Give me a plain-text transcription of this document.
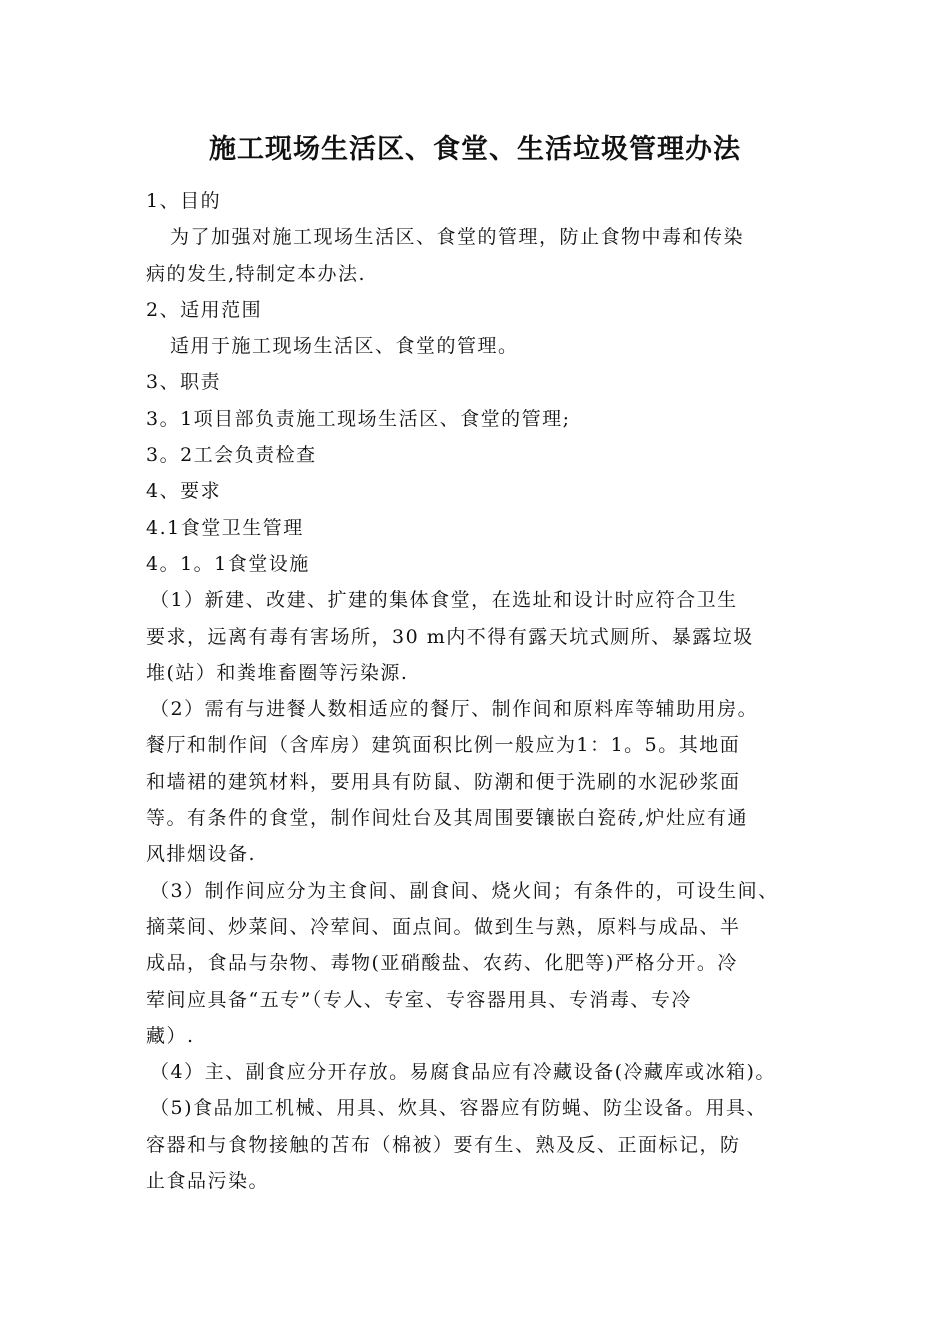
施工现场生活区、食堂、生活垃圾管理办法
1、目的
为了加强对施工现场生活区、食堂的管理，防止食物中毒和传染
病的发生,特制定本办法.
2、适用范围
适用于施工现场生活区、食堂的管理。
3、职责
3。1项目部负责施工现场生活区、食堂的管理;
3。2工会负责检查
4、要求
4.1食堂卫生管理
4。1。1食堂设施
（1）新建、改建、扩建的集体食堂，在选址和设计时应符合卫生
要求，远离有毒有害场所，30 m内不得有露天坑式厕所、暴露垃圾
堆(站）和粪堆畜圈等污染源.
（2）需有与进餐人数相适应的餐厅、制作间和原料库等辅助用房。
餐厅和制作间（含库房）建筑面积比例一般应为1：1。5。其地面
和墙裙的建筑材料，要用具有防鼠、防潮和便于洗刷的水泥砂浆面
等。有条件的食堂，制作间灶台及其周围要镶嵌白瓷砖,炉灶应有通
风排烟设备.
（3）制作间应分为主食间、副食间、烧火间；有条件的，可设生间、
摘菜间、炒菜间、冷荤间、面点间。做到生与熟，原料与成品、半
成品，食品与杂物、毒物(亚硝酸盐、农药、化肥等)严格分开。冷
荤间应具备“五专”（专人、专室、专容器用具、专消毒、专冷
藏）.
（4）主、副食应分开存放。易腐食品应有冷藏设备(冷藏库或冰箱)。
（5)食品加工机械、用具、炊具、容器应有防蝇、防尘设备。用具、
容器和与食物接触的苫布（棉被）要有生、熟及反、正面标记，防
止食品污染。
